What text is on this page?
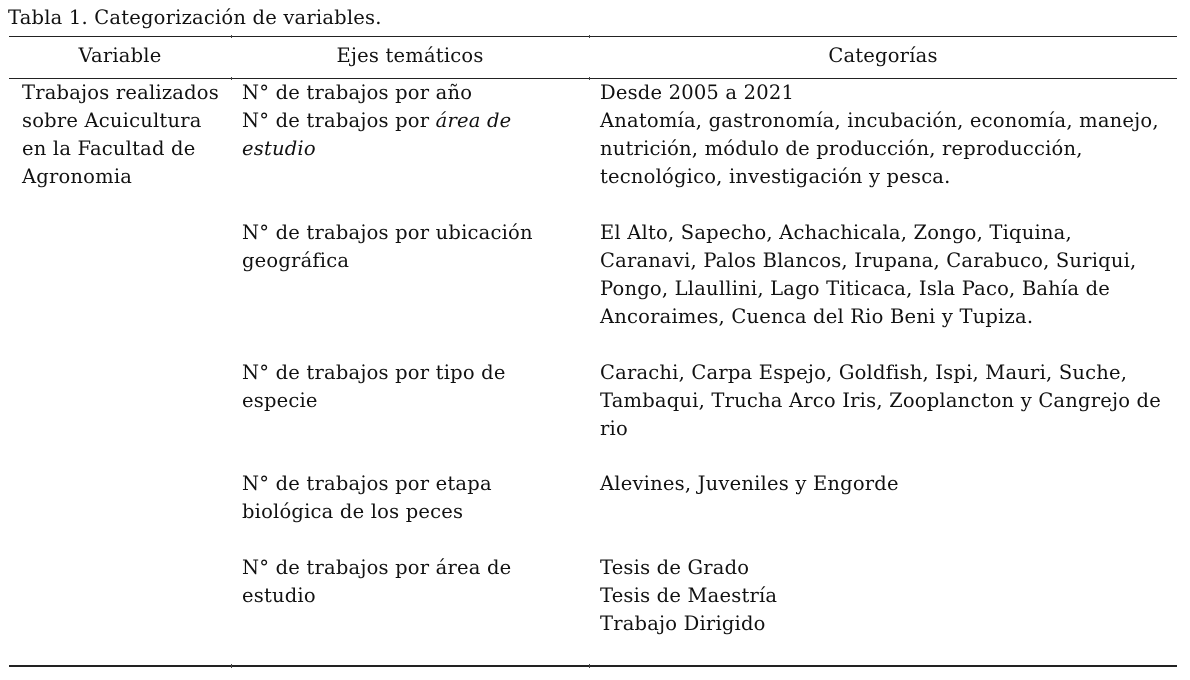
Tabla 1. Categorización de variables.
Variable	Ejes temáticos	Categorías
Trabajos realizados
sobre Acuicultura
en la Facultad de
Agronomia
N° de trabajos por año
N° de trabajos por área de
estudio
Desde 2005 a 2021
Anatomía, gastronomía, incubación, economía, manejo,
nutrición, módulo de producción, reproducción,
tecnológico, investigación y pesca.
N° de trabajos por ubicación
geográfica
El Alto, Sapecho, Achachicala, Zongo, Tiquina,
Caranavi, Palos Blancos, Irupana, Carabuco, Suriqui,
Pongo, Llaullini, Lago Titicaca, Isla Paco, Bahía de
Ancoraimes, Cuenca del Rio Beni y Tupiza.
N° de trabajos por tipo de
especie
Carachi, Carpa Espejo, Goldfish, Ispi, Mauri, Suche,
Tambaqui, Trucha Arco Iris, Zooplancton y Cangrejo de
rio
N° de trabajos por etapa
biológica de los peces
Alevines, Juveniles y Engorde
N° de trabajos por área de
estudio
Tesis de Grado
Tesis de Maestría
Trabajo Dirigido
